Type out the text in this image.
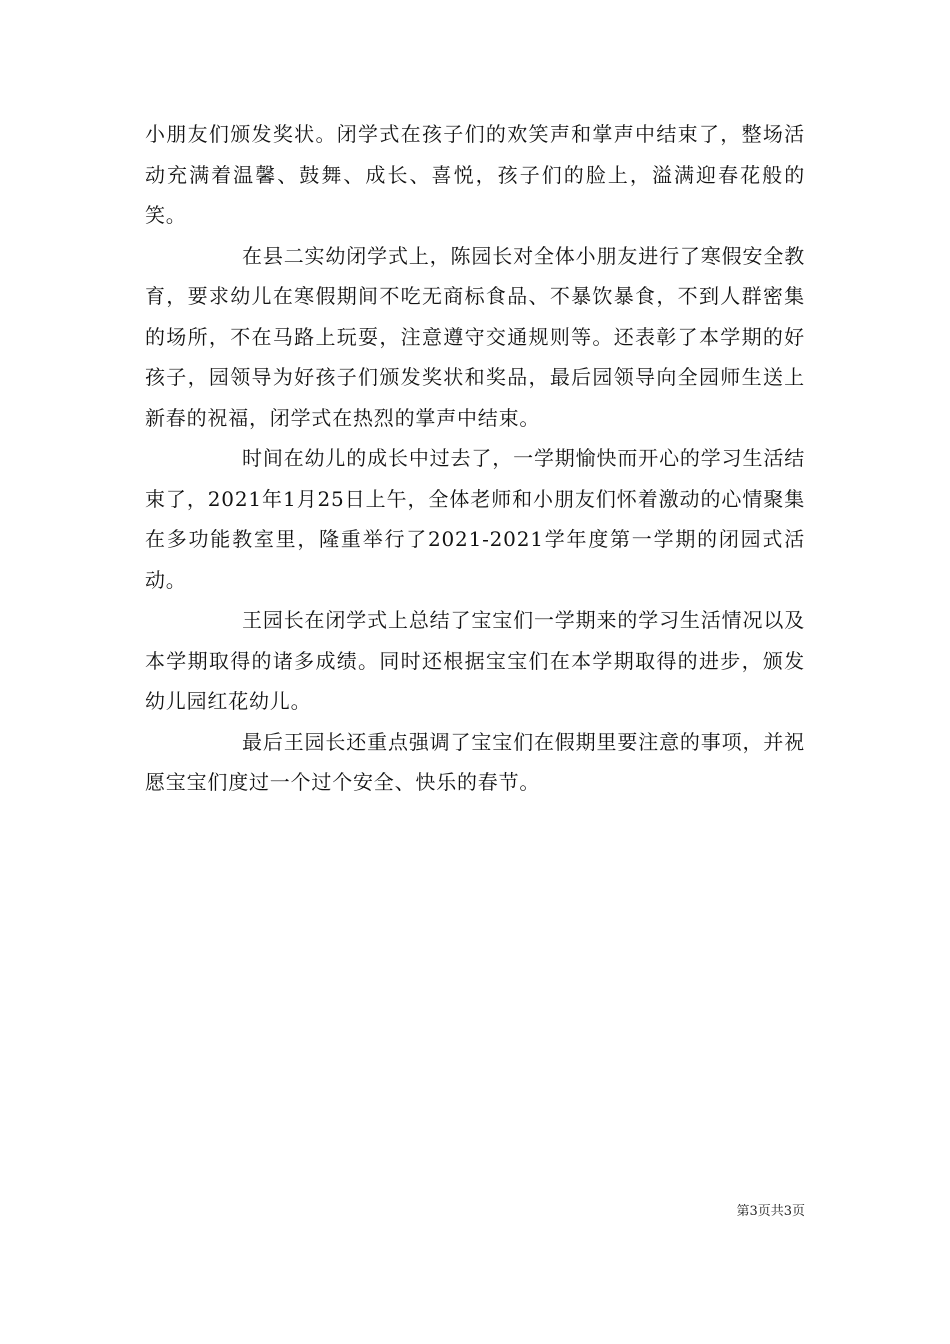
小朋友们颁发奖状。闭学式在孩子们的欢笑声和掌声中结束了，整场活动充满着温馨、鼓舞、成长、喜悦，孩子们的脸上，溢满迎春花般的笑。

在县二实幼闭学式上，陈园长对全体小朋友进行了寒假安全教育，要求幼儿在寒假期间不吃无商标食品、不暴饮暴食，不到人群密集的场所，不在马路上玩耍，注意遵守交通规则等。还表彰了本学期的好孩子，园领导为好孩子们颁发奖状和奖品，最后园领导向全园师生送上新春的祝福，闭学式在热烈的掌声中结束。

时间在幼儿的成长中过去了，一学期愉快而开心的学习生活结束了，2021年1月25日上午，全体老师和小朋友们怀着激动的心情聚集在多功能教室里，隆重举行了2021-2021学年度第一学期的闭园式活动。

王园长在闭学式上总结了宝宝们一学期来的学习生活情况以及本学期取得的诸多成绩。同时还根据宝宝们在本学期取得的进步，颁发幼儿园红花幼儿。

最后王园长还重点强调了宝宝们在假期里要注意的事项，并祝愿宝宝们度过一个过个安全、快乐的春节。

第3页共3页
